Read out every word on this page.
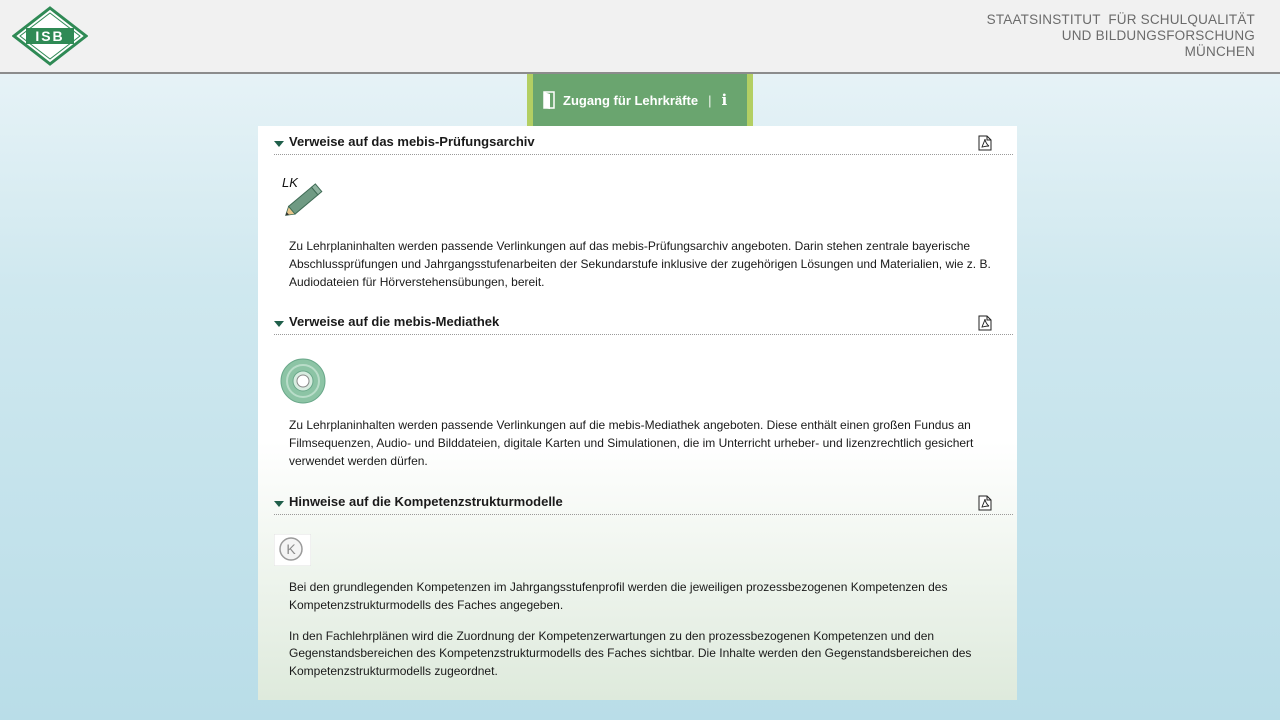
ISB
STAATSINSTITUT  FÜR SCHULQUALITÄT
UND BILDUNGSFORSCHUNG
MÜNCHEN
Zugang für Lehrkräfte | i
Verweise auf das mebis-Prüfungsarchiv
LK

Zu Lehrplaninhalten werden passende Verlinkungen auf das mebis-Prüfungsarchiv angeboten. Darin stehen zentrale bayerische Abschlussprüfungen und Jahrgangsstufenarbeiten der Sekundarstufe inklusive der zugehörigen Lösungen und Materialien, wie z. B. Audiodateien für Hörverstehensübungen, bereit.

Verweise auf die mebis-Mediathek

Zu Lehrplaninhalten werden passende Verlinkungen auf die mebis-Mediathek angeboten. Diese enthält einen großen Fundus an Filmsequenzen, Audio- und Bilddateien, digitale Karten und Simulationen, die im Unterricht urheber- und lizenzrechtlich gesichert verwendet werden dürfen.

Hinweise auf die Kompetenzstrukturmodelle
K

Bei den grundlegenden Kompetenzen im Jahrgangsstufenprofil werden die jeweiligen prozessbezogenen Kompetenzen des Kompetenzstrukturmodells des Faches angegeben.

In den Fachlehrplänen wird die Zuordnung der Kompetenzerwartungen zu den prozessbezogenen Kompetenzen und den Gegenstandsbereichen des Kompetenzstrukturmodells des Faches sichtbar. Die Inhalte werden den Gegenstandsbereichen des Kompetenzstrukturmodells zugeordnet.
